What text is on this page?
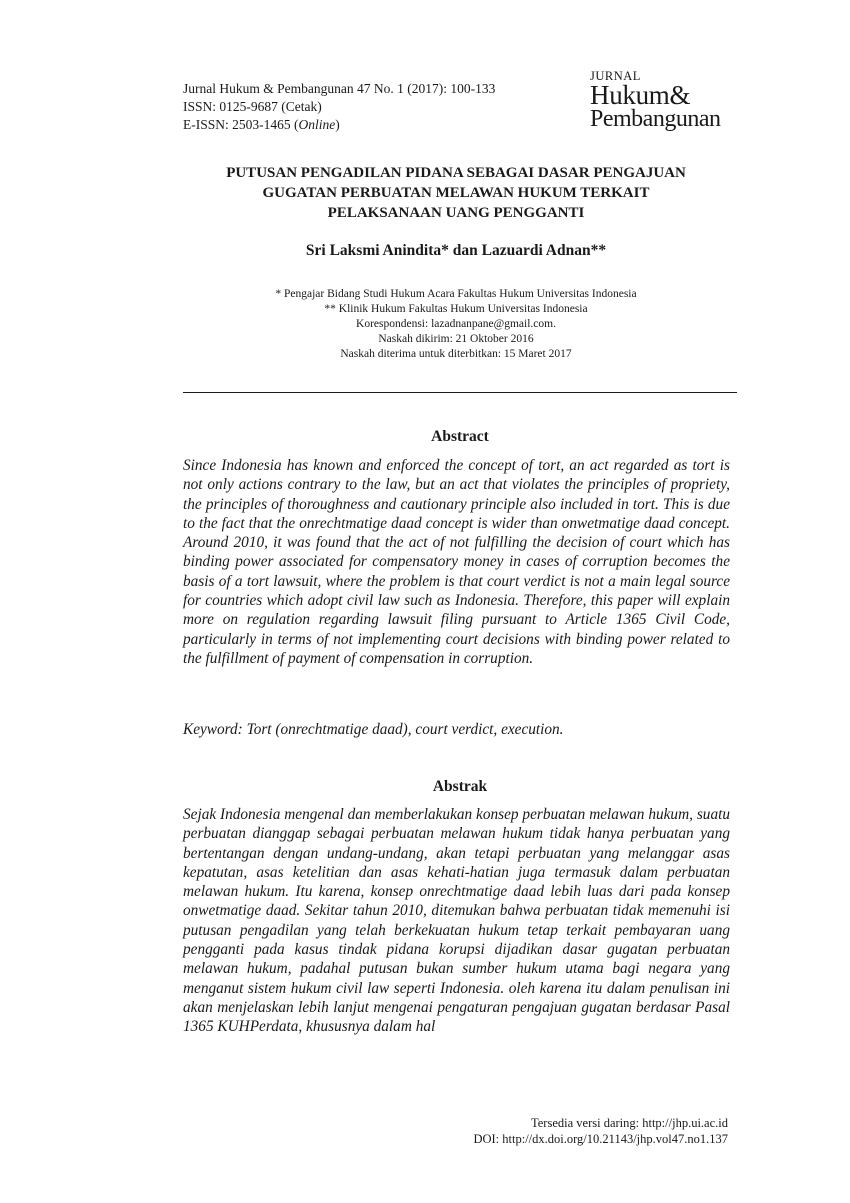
Jurnal Hukum & Pembangunan 47 No. 1 (2017): 100-133
ISSN: 0125-9687 (Cetak)
E-ISSN: 2503-1465 (Online)
JURNAL
Hukum&
Pembangunan
PUTUSAN PENGADILAN PIDANA SEBAGAI DASAR PENGAJUAN
GUGATAN PERBUATAN MELAWAN HUKUM TERKAIT
PELAKSANAAN UANG PENGGANTI
Sri Laksmi Anindita* dan Lazuardi Adnan**
* Pengajar Bidang Studi Hukum Acara Fakultas Hukum Universitas Indonesia
** Klinik Hukum Fakultas Hukum Universitas Indonesia
Korespondensi: lazadnanpane@gmail.com.
Naskah dikirim: 21 Oktober 2016
Naskah diterima untuk diterbitkan: 15 Maret 2017
Abstract

Since Indonesia has known and enforced the concept of tort, an act regarded as tort is not only actions contrary to the law, but an act that violates the principles of propriety, the principles of thoroughness and cautionary principle also included in tort. This is due to the fact that the onrechtmatige daad concept is wider than onwetmatige daad concept. Around 2010, it was found that the act of not fulfilling the decision of court which has binding power associated for compensatory money in cases of corruption becomes the basis of a tort lawsuit, where the problem is that court verdict is not a main legal source for countries which adopt civil law such as Indonesia. Therefore, this paper will explain more on regulation regarding lawsuit filing pursuant to Article 1365 Civil Code, particularly in terms of not implementing court decisions with binding power related to the fulfillment of payment of compensation in corruption.

Keyword: Tort (onrechtmatige daad), court verdict, execution.

Abstrak

Sejak Indonesia mengenal dan memberlakukan konsep perbuatan melawan hukum, suatu perbuatan dianggap sebagai perbuatan melawan hukum tidak hanya perbuatan yang bertentangan dengan undang-undang, akan tetapi perbuatan yang melanggar asas kepatutan, asas ketelitian dan asas kehati-hatian juga termasuk dalam perbuatan melawan hukum. Itu karena, konsep onrechtmatige daad lebih luas dari pada konsep onwetmatige daad. Sekitar tahun 2010, ditemukan bahwa perbuatan tidak memenuhi isi putusan pengadilan yang telah berkekuatan hukum tetap terkait pembayaran uang pengganti pada kasus tindak pidana korupsi dijadikan dasar gugatan perbuatan melawan hukum, padahal putusan bukan sumber hukum utama bagi negara yang menganut sistem hukum civil law seperti Indonesia. oleh karena itu dalam penulisan ini akan menjelaskan lebih lanjut mengenai pengaturan pengajuan gugatan berdasar Pasal 1365 KUHPerdata, khususnya dalam hal

Tersedia versi daring: http://jhp.ui.ac.id
DOI: http://dx.doi.org/10.21143/jhp.vol47.no1.137
